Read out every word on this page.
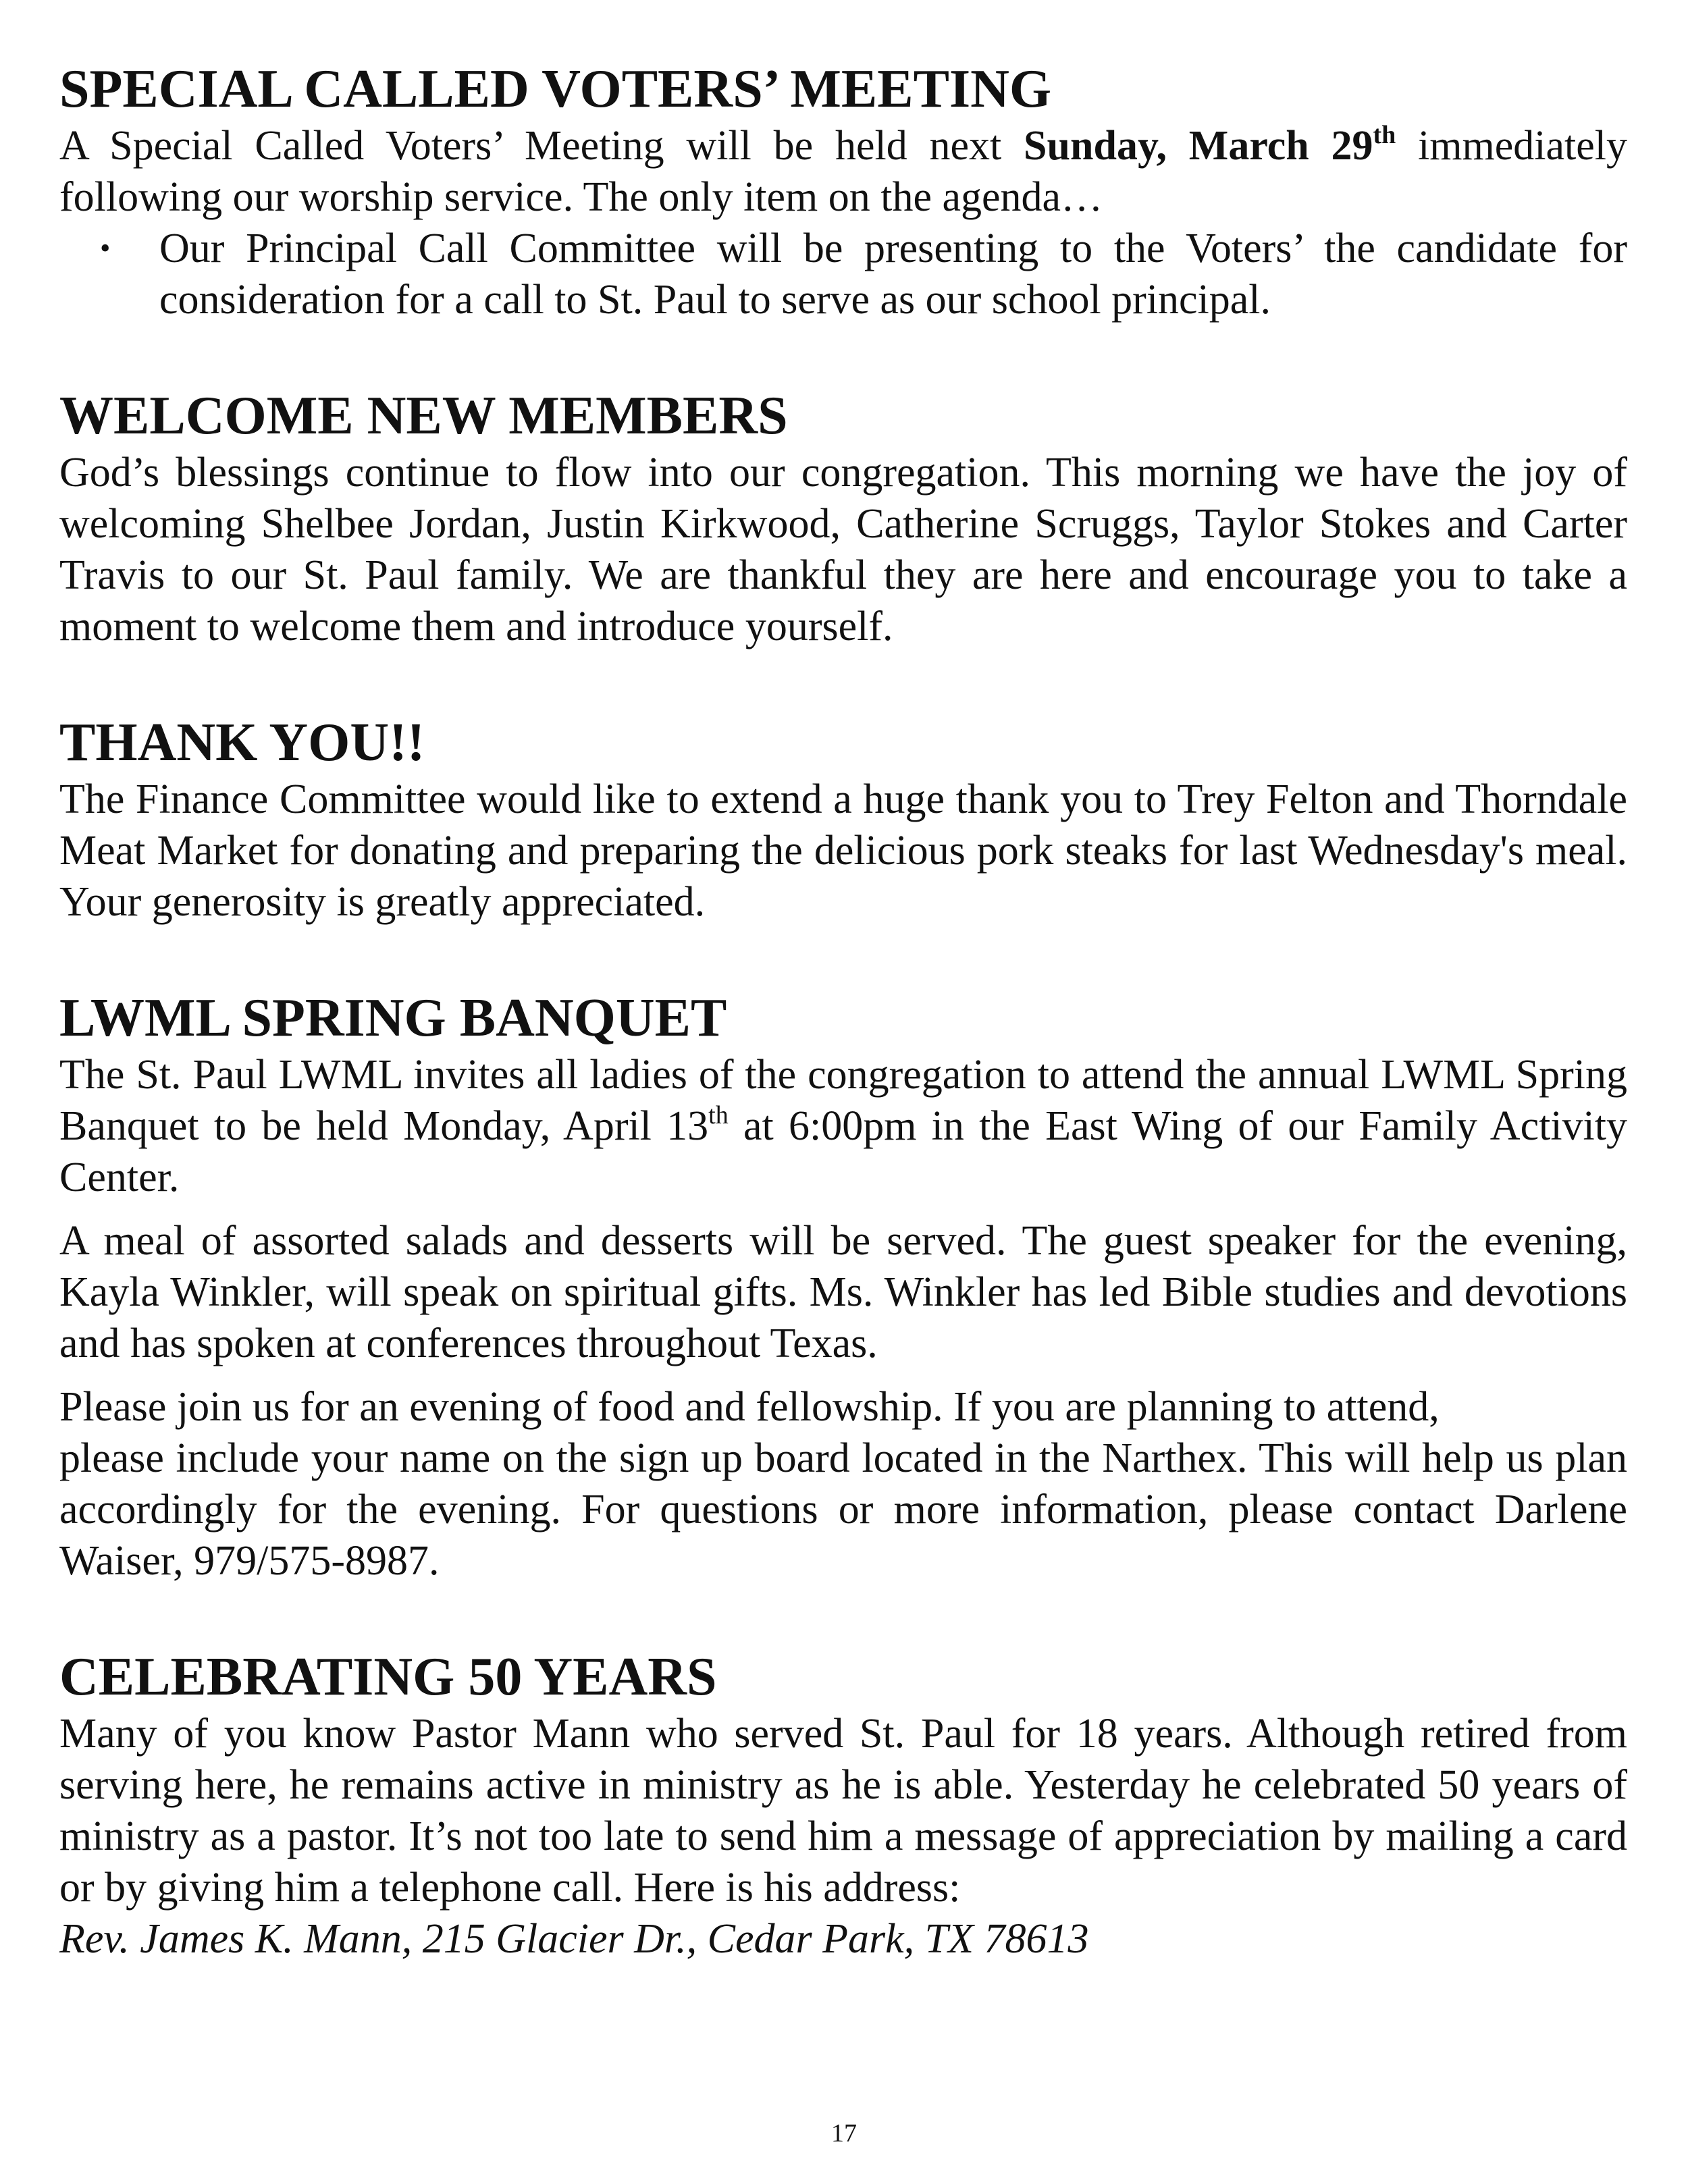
SPECIAL CALLED VOTERS’ MEETING

A Special Called Voters’ Meeting will be held next Sunday, March 29th immediately following our worship service. The only item on the agenda…

• Our Principal Call Committee will be presenting to the Voters’ the candidate for consideration for a call to St. Paul to serve as our school principal.
WELCOME NEW MEMBERS

God’s blessings continue to flow into our congregation. This morning we have the joy of welcoming Shelbee Jordan, Justin Kirkwood, Catherine Scruggs, Taylor Stokes and Carter Travis to our St. Paul family. We are thankful they are here and encourage you to take a moment to welcome them and introduce yourself.

THANK YOU!!

The Finance Committee would like to extend a huge thank you to Trey Felton and Thorndale Meat Market for donating and preparing the delicious pork steaks for last Wednesday's meal. Your generosity is greatly appreciated.

LWML SPRING BANQUET

The St. Paul LWML invites all ladies of the congregation to attend the annual LWML Spring Banquet to be held Monday, April 13th at 6:00pm in the East Wing of our Family Activity Center.

A meal of assorted salads and desserts will be served. The guest speaker for the evening, Kayla Winkler, will speak on spiritual gifts. Ms. Winkler has led Bible studies and devotions and has spoken at conferences throughout Texas.

Please join us for an evening of food and fellowship. If you are planning to attend,
please include your name on the sign up board located in the Narthex. This will help us plan accordingly for the evening. For questions or more information, please contact Darlene Waiser, 979/575-8987.

CELEBRATING 50 YEARS

Many of you know Pastor Mann who served St. Paul for 18 years. Although retired from serving here, he remains active in ministry as he is able. Yesterday he celebrated 50 years of ministry as a pastor. It’s not too late to send him a message of appreciation by mailing a card or by giving him a telephone call. Here is his address:

Rev. James K. Mann, 215 Glacier Dr., Cedar Park, TX 78613
17
